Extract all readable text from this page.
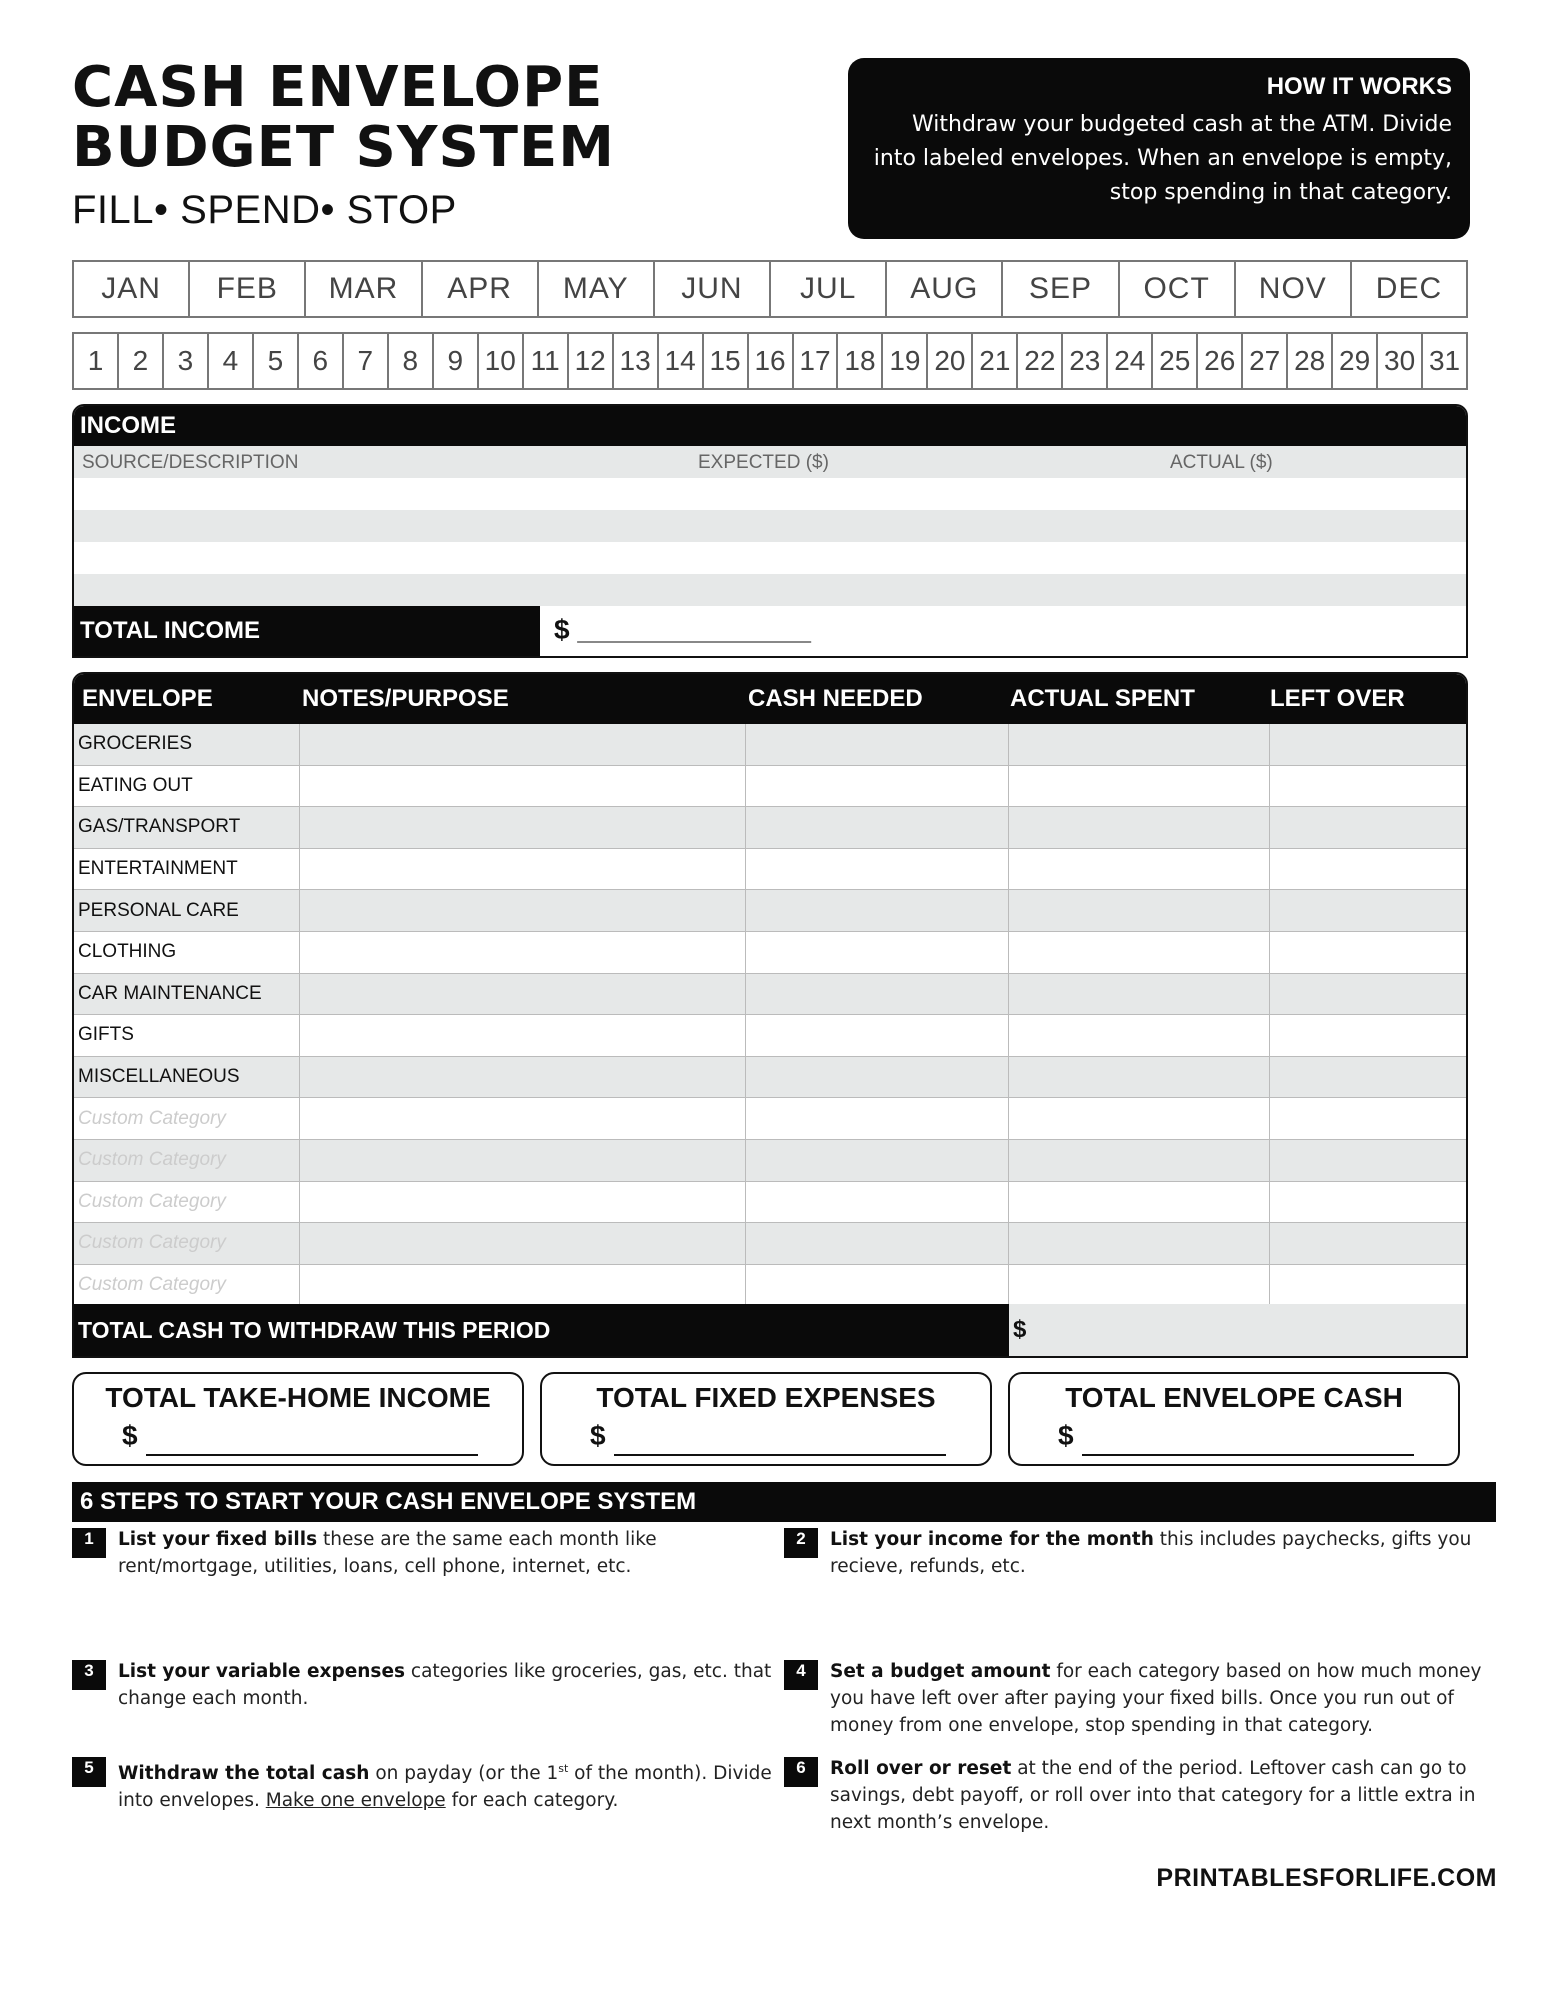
CASH ENVELOPE
BUDGET SYSTEM
FILL• SPEND• STOP
HOW IT WORKS
Withdraw your budgeted cash at the ATM. Divide
into labeled envelopes. When an envelope is empty,
stop spending in that category.
JAN	FEB	MAR	APR	MAY	JUN	JUL	AUG	SEP	OCT	NOV	DEC
1	2	3	4	5	6	7	8	9 10 11 12 13 14 15 16 17 18 19 20 21 22 23 24 25 26 27 28 29 30 31
INCOME
SOURCE/DESCRIPTION	EXPECTED ($)	ACTUAL ($)
TOTAL INCOME	$ _______________
ENVELOPE	NOTES/PURPOSE	CASH NEEDED	ACTUAL SPENT	LEFT OVER
GROCERIES
EATING OUT
GAS/TRANSPORT
ENTERTAINMENT
PERSONAL CARE
CLOTHING
CAR MAINTENANCE
GIFTS
MISCELLANEOUS
Custom Category
Custom Category
Custom Category
Custom Category
Custom Category
TOTAL CASH TO WITHDRAW THIS PERIOD	$
TOTAL TAKE-HOME INCOME
$
TOTAL FIXED EXPENSES
$
TOTAL ENVELOPE CASH
$
6 STEPS TO START YOUR CASH ENVELOPE SYSTEM
1	List your fixed bills these are the same each month like rent/mortgage, utilities, loans, cell phone, internet, etc.
2	List your income for the month this includes paychecks, gifts you recieve, refunds, etc.
3	List your variable expenses categories like groceries, gas, etc. that change each month.
4	Set a budget amount for each category based on how much money you have left over after paying your fixed bills. Once you run out of money from one envelope, stop spending in that category.
5	Withdraw the total cash on payday (or the 1st of the month). Divide into envelopes. Make one envelope for each category.
6	Roll over or reset at the end of the period. Leftover cash can go to savings, debt payoff, or roll over into that category for a little extra in next month’s envelope.
PRINTABLESFORLIFE.COM
